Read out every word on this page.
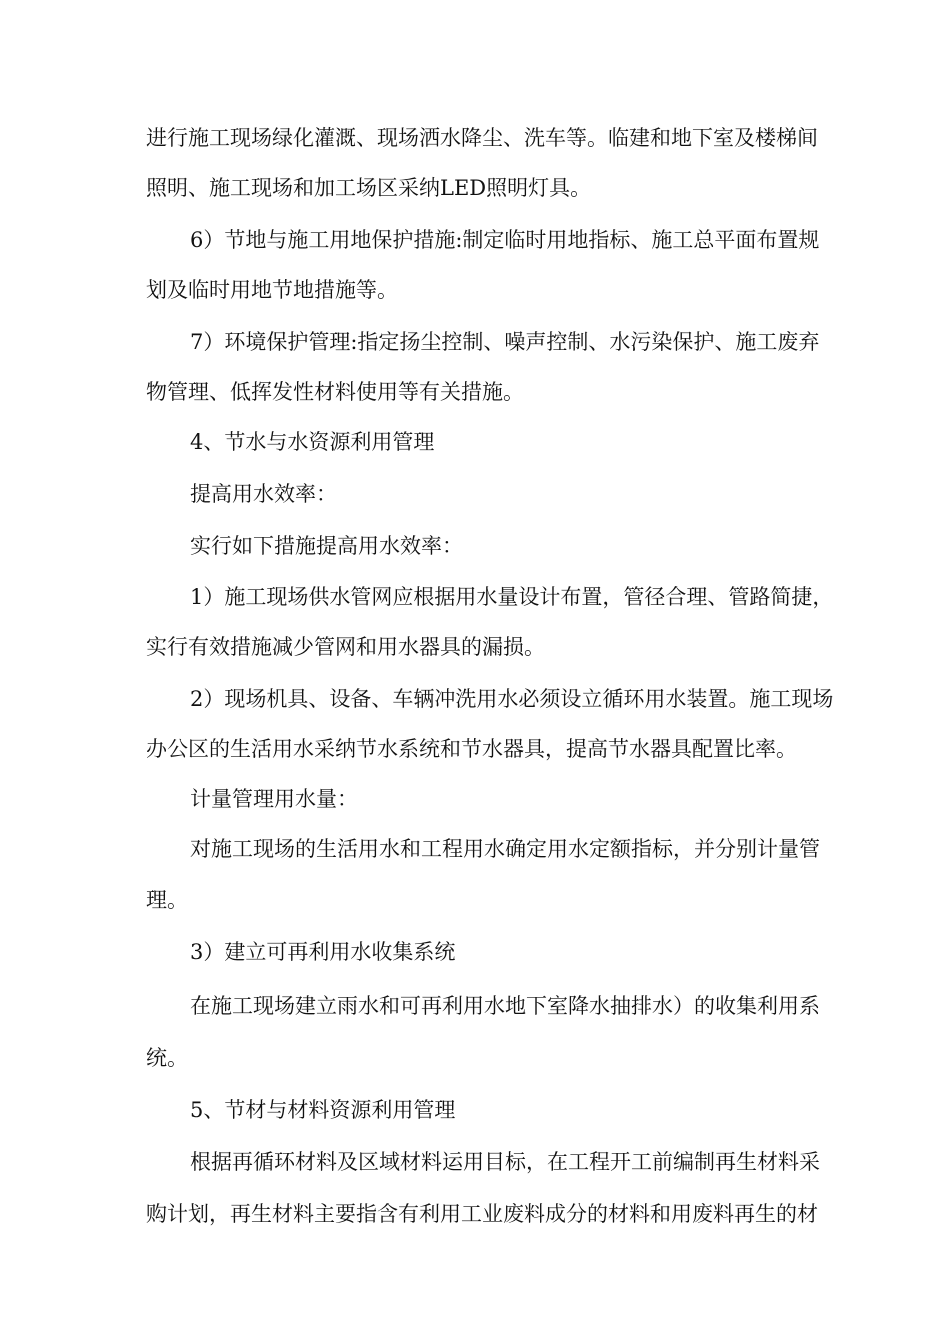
进行施工现场绿化灌溉、现场洒水降尘、洗车等。临建和地下室及楼梯间
照明、施工现场和加工场区采纳LED照明灯具。
6）节地与施工用地保护措施:制定临时用地指标、施工总平面布置规
划及临时用地节地措施等。
7）环境保护管理:指定扬尘控制、噪声控制、水污染保护、施工废弃
物管理、低挥发性材料使用等有关措施。
4、节水与水资源利用管理
提高用水效率：
实行如下措施提高用水效率：
1）施工现场供水管网应根据用水量设计布置，管径合理、管路简捷，
实行有效措施减少管网和用水器具的漏损。
2）现场机具、设备、车辆冲洗用水必须设立循环用水装置。施工现场
办公区的生活用水采纳节水系统和节水器具，提高节水器具配置比率。
计量管理用水量：
对施工现场的生活用水和工程用水确定用水定额指标，并分别计量管
理。
3）建立可再利用水收集系统
在施工现场建立雨水和可再利用水地下室降水抽排水）的收集利用系
统。
5、节材与材料资源利用管理
根据再循环材料及区域材料运用目标，在工程开工前编制再生材料采
购计划，再生材料主要指含有利用工业废料成分的材料和用废料再生的材
